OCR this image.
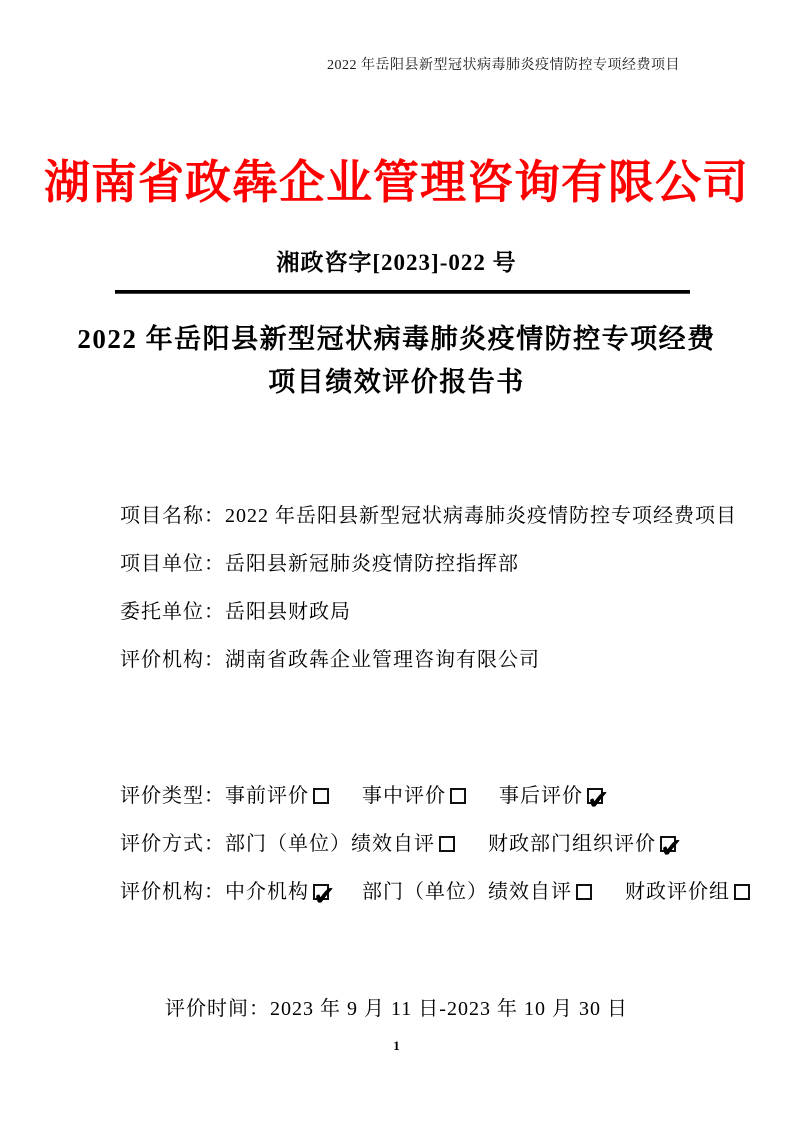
2022 年岳阳县新型冠状病毒肺炎疫情防控专项经费项目
湖南省政犇企业管理咨询有限公司
湘政咨字[2023]-022 号
2022 年岳阳县新型冠状病毒肺炎疫情防控专项经费
项目绩效评价报告书
项目名称：2022 年岳阳县新型冠状病毒肺炎疫情防控专项经费项目
项目单位：岳阳县新冠肺炎疫情防控指挥部
委托单位：岳阳县财政局
评价机构：湖南省政犇企业管理咨询有限公司
评价类型：事前评价	事中评价	事后评价✔
评价方式：部门（单位）绩效自评	财政部门组织评价✔
评价机构：中介机构 ✔	部门（单位）绩效自评	财政评价组
评价时间：2023 年 9 月 11 日-2023 年 10 月 30 日
1
